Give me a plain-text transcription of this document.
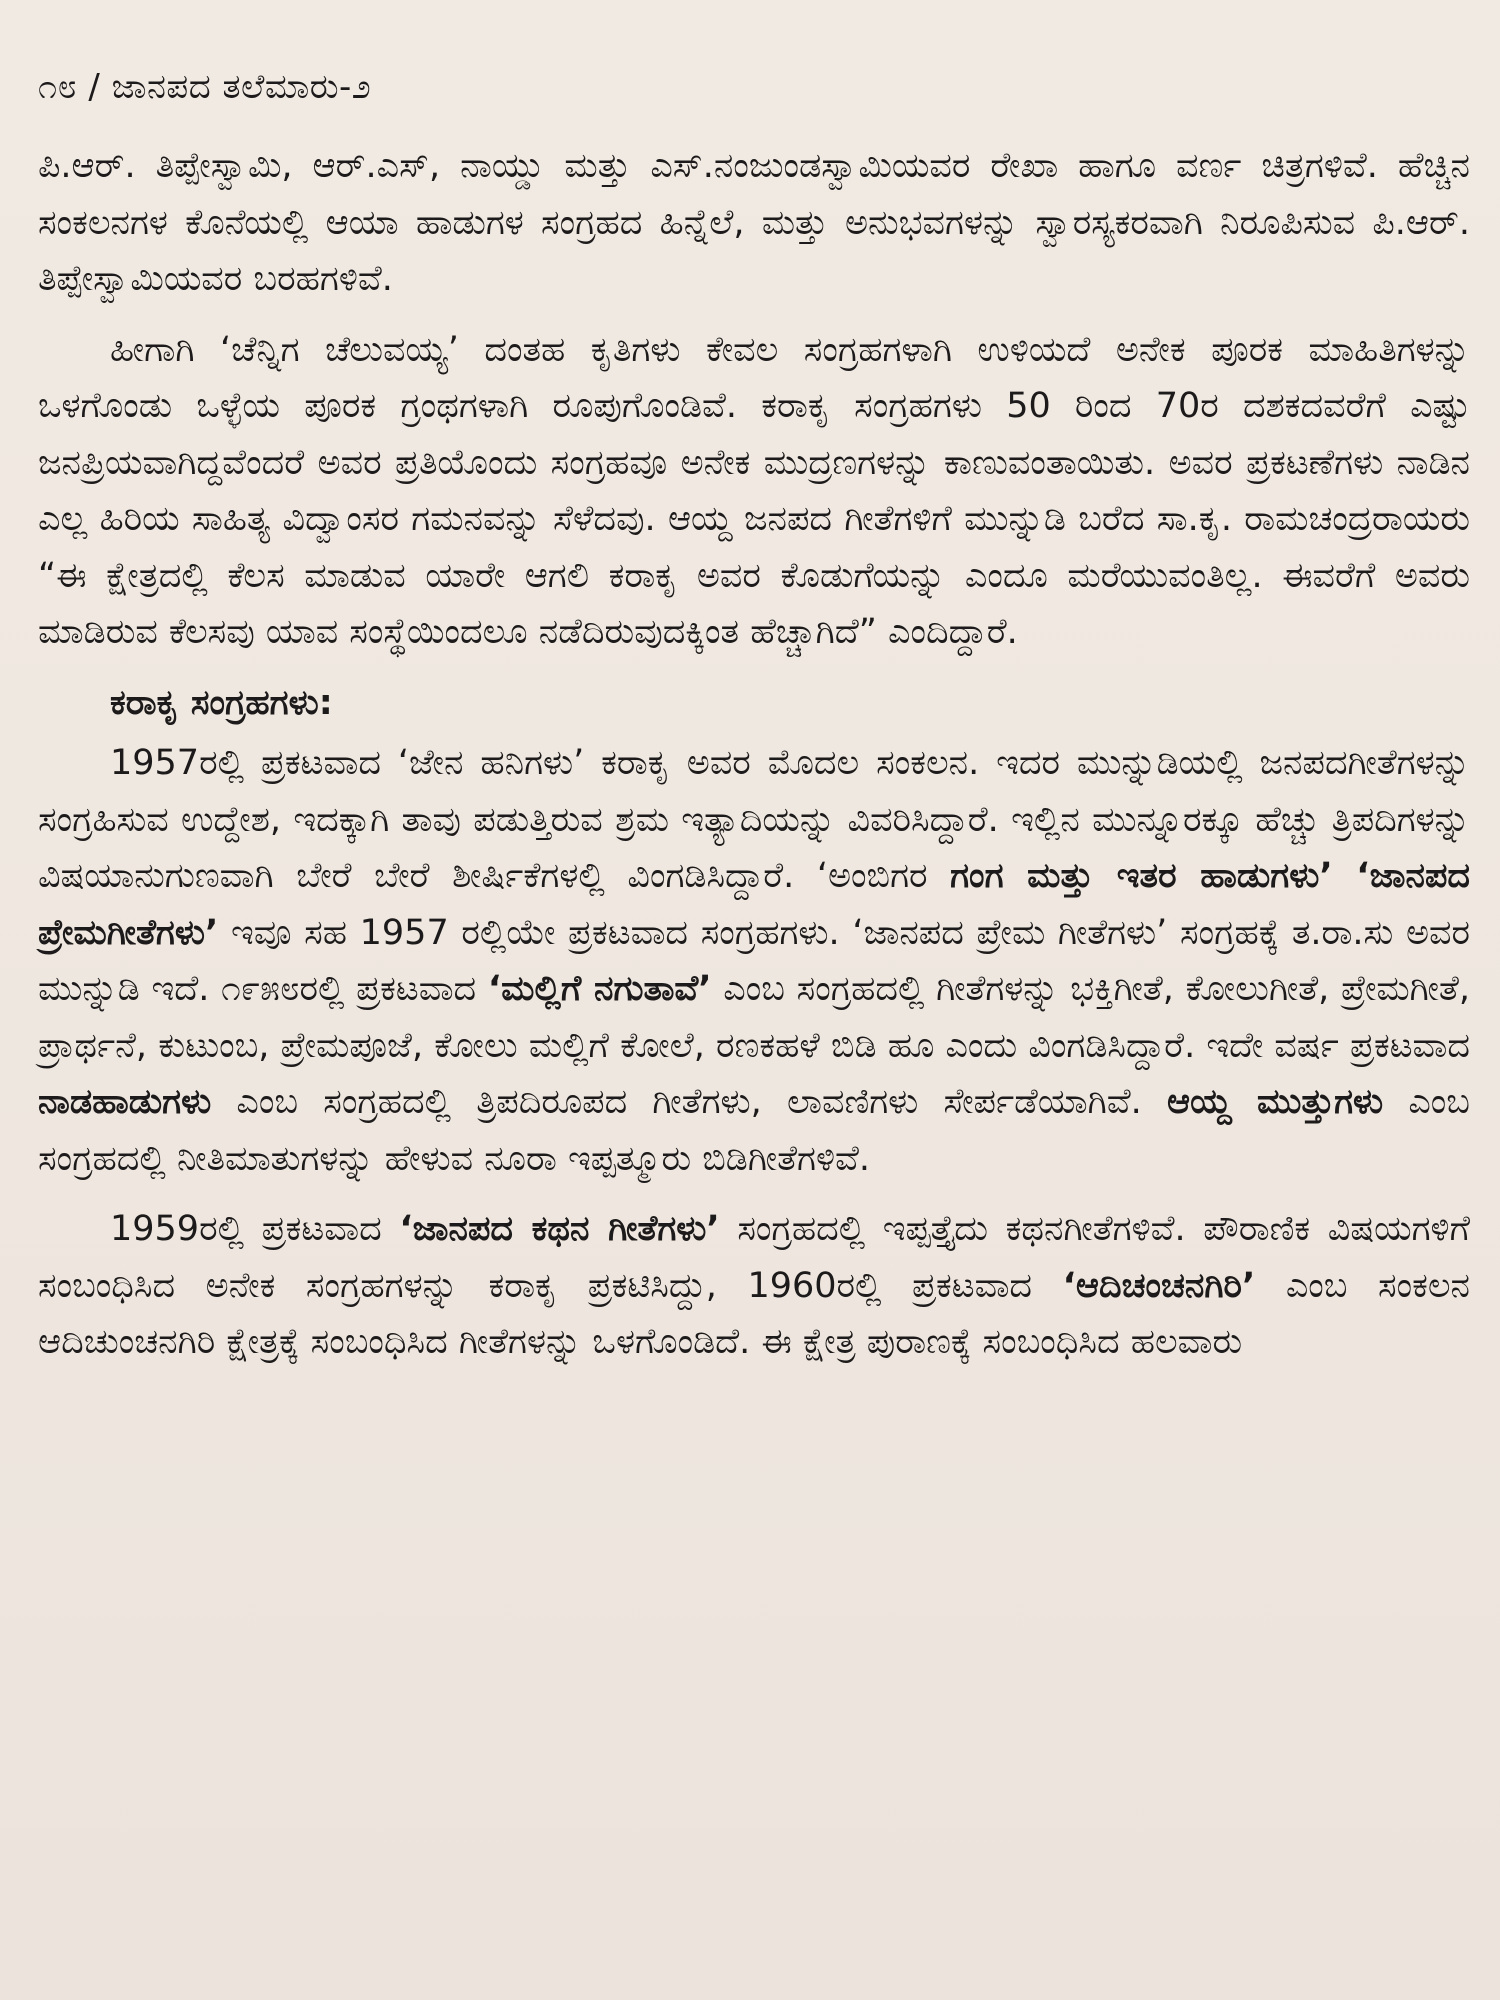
೧೮ / ಜಾನಪದ ತಲೆಮಾರು-೨

ಪಿ.ಆರ್. ತಿಪ್ಪೇಸ್ವಾಮಿ, ಆರ್.ಎಸ್, ನಾಯ್ಡು ಮತ್ತು ಎಸ್.ನಂಜುಂಡಸ್ವಾಮಿಯವರ ರೇಖಾ ಹಾಗೂ ವರ್ಣ ಚಿತ್ರಗಳಿವೆ. ಹೆಚ್ಚಿನ ಸಂಕಲನಗಳ ಕೊನೆಯಲ್ಲಿ ಆಯಾ ಹಾಡುಗಳ ಸಂಗ್ರಹದ ಹಿನ್ನೆಲೆ, ಮತ್ತು ಅನುಭವಗಳನ್ನು ಸ್ವಾರಸ್ಯಕರವಾಗಿ ನಿರೂಪಿಸುವ ಪಿ.ಆರ್. ತಿಪ್ಪೇಸ್ವಾಮಿಯವರ ಬರಹಗಳಿವೆ.

ಹೀಗಾಗಿ ‘ಚೆನ್ನಿಗ ಚೆಲುವಯ್ಯ’ ದಂತಹ ಕೃತಿಗಳು ಕೇವಲ ಸಂಗ್ರಹಗಳಾಗಿ ಉಳಿಯದೆ ಅನೇಕ ಪೂರಕ ಮಾಹಿತಿಗಳನ್ನು ಒಳಗೊಂಡು ಒಳ್ಳೆಯ ಪೂರಕ ಗ್ರಂಥಗಳಾಗಿ ರೂಪುಗೊಂಡಿವೆ. ಕರಾಕೃ ಸಂಗ್ರಹಗಳು 50 ರಿಂದ 70ರ ದಶಕದವರೆಗೆ ಎಷ್ಟು ಜನಪ್ರಿಯವಾಗಿದ್ದವೆಂದರೆ ಅವರ ಪ್ರತಿಯೊಂದು ಸಂಗ್ರಹವೂ ಅನೇಕ ಮುದ್ರಣಗಳನ್ನು ಕಾಣುವಂತಾಯಿತು. ಅವರ ಪ್ರಕಟಣೆಗಳು ನಾಡಿನ ಎಲ್ಲ ಹಿರಿಯ ಸಾಹಿತ್ಯ ವಿದ್ವಾಂಸರ ಗಮನವನ್ನು ಸೆಳೆದವು. ಆಯ್ದ ಜನಪದ ಗೀತೆಗಳಿಗೆ ಮುನ್ನುಡಿ ಬರೆದ ಸಾ.ಕೃ. ರಾಮಚಂದ್ರರಾಯರು “ಈ ಕ್ಷೇತ್ರದಲ್ಲಿ ಕೆಲಸ ಮಾಡುವ ಯಾರೇ ಆಗಲಿ ಕರಾಕೃ ಅವರ ಕೊಡುಗೆಯನ್ನು ಎಂದೂ ಮರೆಯುವಂತಿಲ್ಲ. ಈವರೆಗೆ ಅವರು ಮಾಡಿರುವ ಕೆಲಸವು ಯಾವ ಸಂಸ್ಥೆಯಿಂದಲೂ ನಡೆದಿರುವುದಕ್ಕಿಂತ ಹೆಚ್ಚಾಗಿದೆ” ಎಂದಿದ್ದಾರೆ.

ಕರಾಕೃ ಸಂಗ್ರಹಗಳು:

1957ರಲ್ಲಿ ಪ್ರಕಟವಾದ ‘ಜೇನ ಹನಿಗಳು’ ಕರಾಕೃ ಅವರ ಮೊದಲ ಸಂಕಲನ. ಇದರ ಮುನ್ನುಡಿಯಲ್ಲಿ ಜನಪದಗೀತೆಗಳನ್ನು ಸಂಗ್ರಹಿಸುವ ಉದ್ದೇಶ, ಇದಕ್ಕಾಗಿ ತಾವು ಪಡುತ್ತಿರುವ ಶ್ರಮ ಇತ್ಯಾದಿಯನ್ನು ವಿವರಿಸಿದ್ದಾರೆ. ಇಲ್ಲಿನ ಮುನ್ನೂರಕ್ಕೂ ಹೆಚ್ಚು ತ್ರಿಪದಿಗಳನ್ನು ವಿಷಯಾನುಗುಣವಾಗಿ ಬೇರೆ ಬೇರೆ ಶೀರ್ಷಿಕೆಗಳಲ್ಲಿ ವಿಂಗಡಿಸಿದ್ದಾರೆ. ‘ಅಂಬಿಗರ ಗಂಗ ಮತ್ತು ಇತರ ಹಾಡುಗಳು’ ‘ಜಾನಪದ ಪ್ರೇಮಗೀತೆಗಳು’ ಇವೂ ಸಹ 1957 ರಲ್ಲಿಯೇ ಪ್ರಕಟವಾದ ಸಂಗ್ರಹಗಳು. ‘ಜಾನಪದ ಪ್ರೇಮ ಗೀತೆಗಳು’ ಸಂಗ್ರಹಕ್ಕೆ ತ.ರಾ.ಸು ಅವರ ಮುನ್ನುಡಿ ಇದೆ. ೧೯೫೮ರಲ್ಲಿ ಪ್ರಕಟವಾದ ‘ಮಲ್ಲಿಗೆ ನಗುತಾವೆ’ ಎಂಬ ಸಂಗ್ರಹದಲ್ಲಿ ಗೀತೆಗಳನ್ನು ಭಕ್ತಿಗೀತೆ, ಕೋಲುಗೀತೆ, ಪ್ರೇಮಗೀತೆ, ಪ್ರಾರ್ಥನೆ, ಕುಟುಂಬ, ಪ್ರೇಮಪೂಜೆ, ಕೋಲು ಮಲ್ಲಿಗೆ ಕೋಲೆ, ರಣಕಹಳೆ ಬಿಡಿ ಹೂ ಎಂದು ವಿಂಗಡಿಸಿದ್ದಾರೆ. ಇದೇ ವರ್ಷ ಪ್ರಕಟವಾದ ನಾಡಹಾಡುಗಳು ಎಂಬ ಸಂಗ್ರಹದಲ್ಲಿ ತ್ರಿಪದಿರೂಪದ ಗೀತೆಗಳು, ಲಾವಣಿಗಳು ಸೇರ್ಪಡೆಯಾಗಿವೆ. ಆಯ್ದ ಮುತ್ತುಗಳು ಎಂಬ ಸಂಗ್ರಹದಲ್ಲಿ ನೀತಿಮಾತುಗಳನ್ನು ಹೇಳುವ ನೂರಾ ಇಪ್ಪತ್ಮೂರು ಬಿಡಿಗೀತೆಗಳಿವೆ.

1959ರಲ್ಲಿ ಪ್ರಕಟವಾದ ‘ಜಾನಪದ ಕಥನ ಗೀತೆಗಳು’ ಸಂಗ್ರಹದಲ್ಲಿ ಇಪ್ಪತ್ತೈದು ಕಥನಗೀತೆಗಳಿವೆ. ಪೌರಾಣಿಕ ವಿಷಯಗಳಿಗೆ ಸಂಬಂಧಿಸಿದ ಅನೇಕ ಸಂಗ್ರಹಗಳನ್ನು ಕರಾಕೃ ಪ್ರಕಟಿಸಿದ್ದು, 1960ರಲ್ಲಿ ಪ್ರಕಟವಾದ ‘ಆದಿಚಂಚನಗಿರಿ’ ಎಂಬ ಸಂಕಲನ ಆದಿಚುಂಚನಗಿರಿ ಕ್ಷೇತ್ರಕ್ಕೆ ಸಂಬಂಧಿಸಿದ ಗೀತೆಗಳನ್ನು ಒಳಗೊಂಡಿದೆ. ಈ ಕ್ಷೇತ್ರ ಪುರಾಣಕ್ಕೆ ಸಂಬಂಧಿಸಿದ ಹಲವಾರು
